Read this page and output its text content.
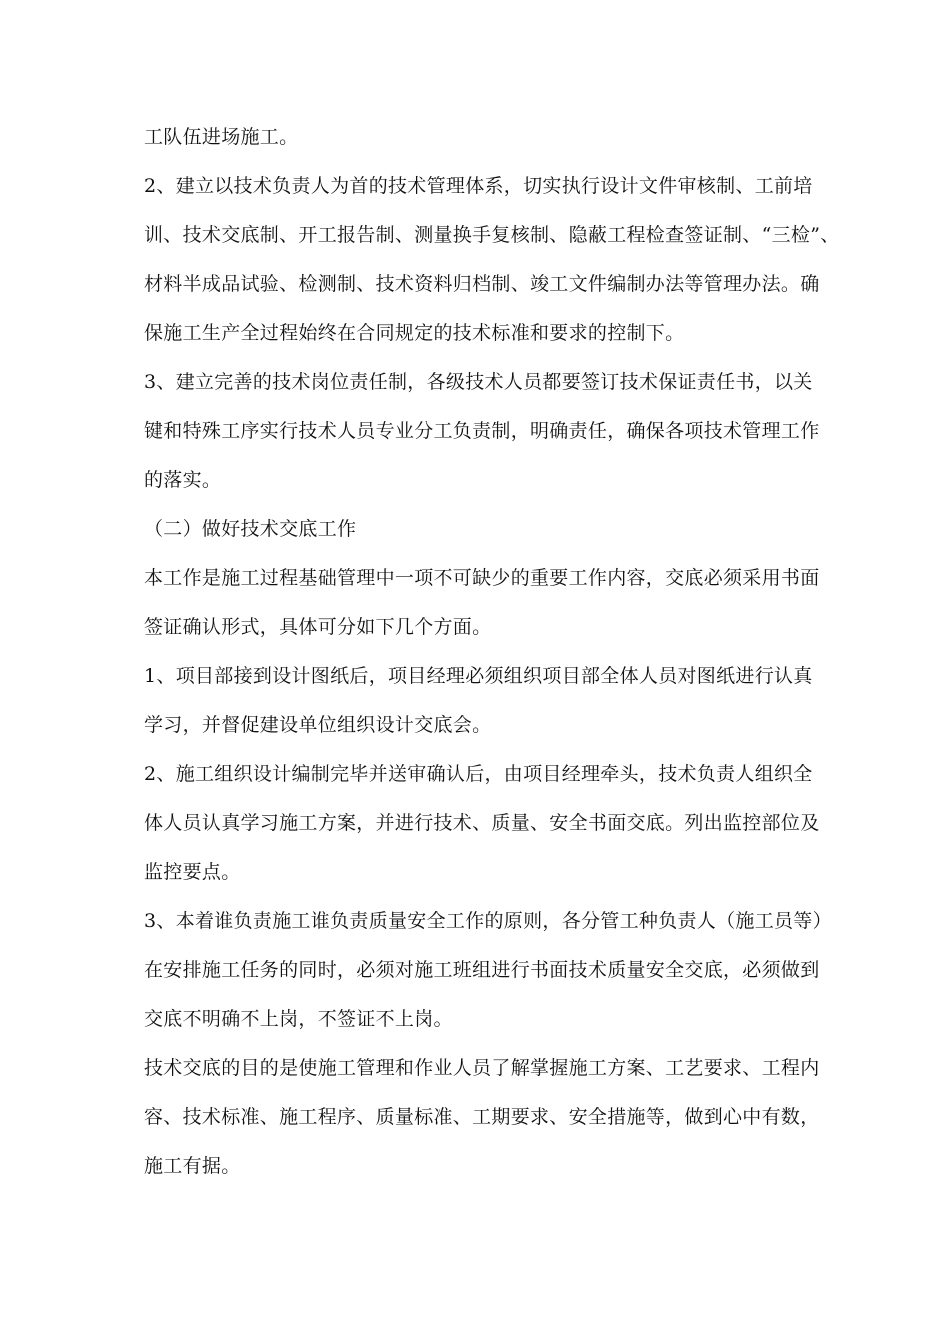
工队伍进场施工。
2、建立以技术负责人为首的技术管理体系，切实执行设计文件审核制、工前培
训、技术交底制、开工报告制、测量换手复核制、隐蔽工程检查签证制、“三检”、
材料半成品试验、检测制、技术资料归档制、竣工文件编制办法等管理办法。确
保施工生产全过程始终在合同规定的技术标准和要求的控制下。
3、建立完善的技术岗位责任制，各级技术人员都要签订技术保证责任书，以关
键和特殊工序实行技术人员专业分工负责制，明确责任，确保各项技术管理工作
的落实。
（二）做好技术交底工作
本工作是施工过程基础管理中一项不可缺少的重要工作内容，交底必须采用书面
签证确认形式，具体可分如下几个方面。
1、项目部接到设计图纸后，项目经理必须组织项目部全体人员对图纸进行认真
学习，并督促建设单位组织设计交底会。
2、施工组织设计编制完毕并送审确认后，由项目经理牵头，技术负责人组织全
体人员认真学习施工方案，并进行技术、质量、安全书面交底。列出监控部位及
监控要点。
3、本着谁负责施工谁负责质量安全工作的原则，各分管工种负责人（施工员等）
在安排施工任务的同时，必须对施工班组进行书面技术质量安全交底，必须做到
交底不明确不上岗，不签证不上岗。
技术交底的目的是使施工管理和作业人员了解掌握施工方案、工艺要求、工程内
容、技术标准、施工程序、质量标准、工期要求、安全措施等，做到心中有数，
施工有据。
